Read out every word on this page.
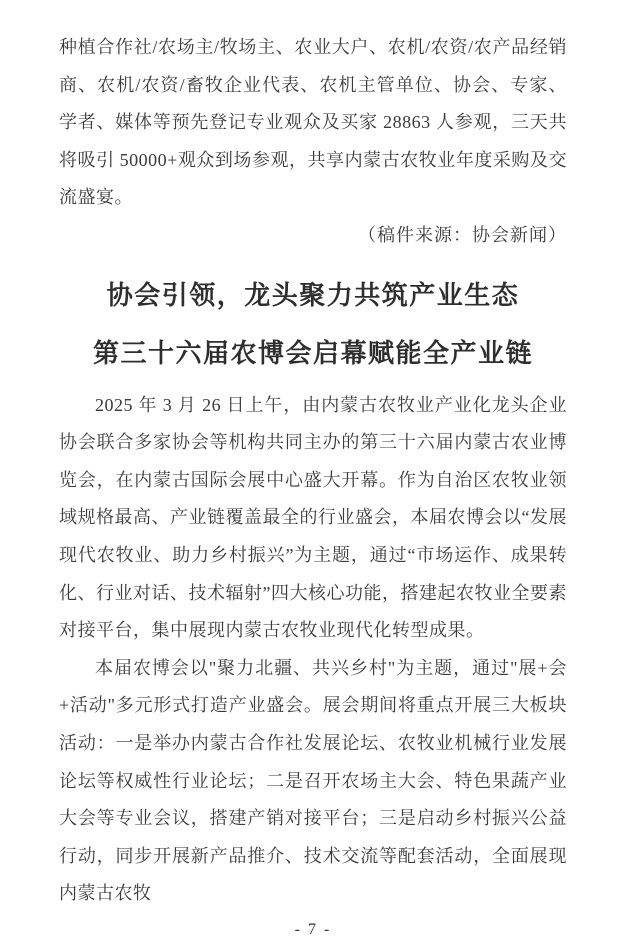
种植合作社/农场主/牧场主、农业大户、农机/农资/农产品经销商、农机/农资/畜牧企业代表、农机主管单位、协会、专家、学者、媒体等预先登记专业观众及买家 28863 人参观，三天共将吸引 50000+观众到场参观，共享内蒙古农牧业年度采购及交流盛宴。

（稿件来源：协会新闻）

协会引领，龙头聚力共筑产业生态
第三十六届农博会启幕赋能全产业链

2025 年 3 月 26 日上午，由内蒙古农牧业产业化龙头企业协会联合多家协会等机构共同主办的第三十六届内蒙古农业博览会，在内蒙古国际会展中心盛大开幕。作为自治区农牧业领域规格最高、产业链覆盖最全的行业盛会，本届农博会以“发展现代农牧业、助力乡村振兴”为主题，通过“市场运作、成果转化、行业对话、技术辐射”四大核心功能，搭建起农牧业全要素对接平台，集中展现内蒙古农牧业现代化转型成果。

本届农博会以"聚力北疆、共兴乡村"为主题，通过"展+会+活动"多元形式打造产业盛会。展会期间将重点开展三大板块活动：一是举办内蒙古合作社发展论坛、农牧业机械行业发展论坛等权威性行业论坛；二是召开农场主大会、特色果蔬产业大会等专业会议，搭建产销对接平台；三是启动乡村振兴公益行动，同步开展新产品推介、技术交流等配套活动，全面展现内蒙古农牧

- 7 -
